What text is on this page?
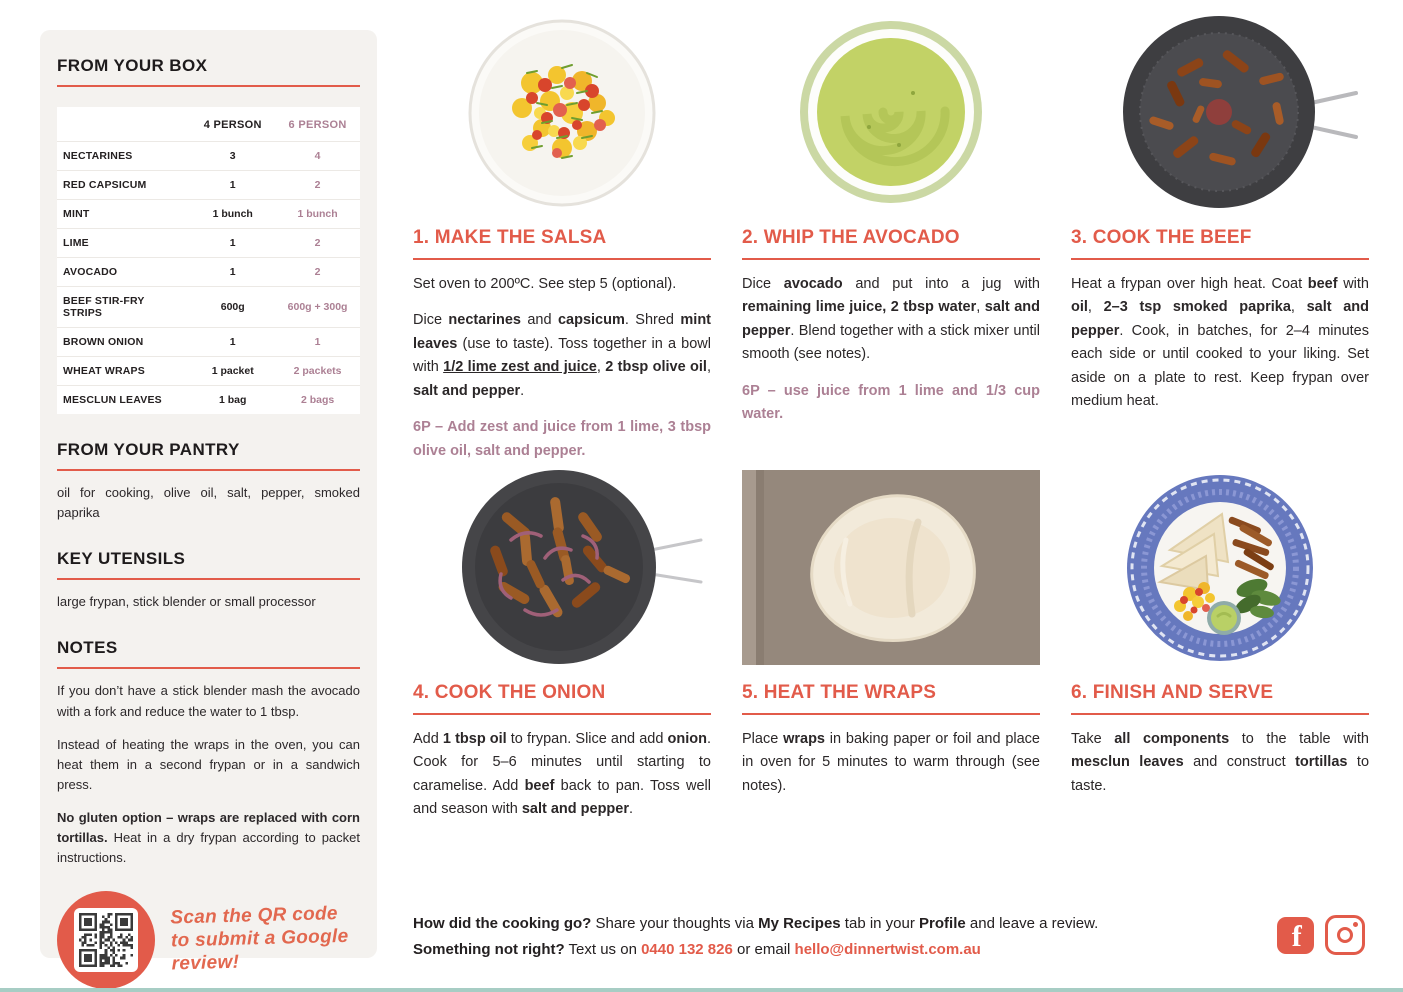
FROM YOUR BOX
	4 PERSON	6 PERSON
NECTARINES	3	4
RED CAPSICUM	1	2
MINT	1 bunch	1 bunch
LIME	1	2
AVOCADO	1	2
BEEF STIR-FRY STRIPS	600g	600g + 300g
BROWN ONION	1	1
WHEAT WRAPS	1 packet	2 packets
MESCLUN LEAVES	1 bag	2 bags
FROM YOUR PANTRY
oil for cooking, olive oil, salt, pepper, smoked paprika
KEY UTENSILS
large frypan, stick blender or small processor
NOTES

If you don’t have a stick blender mash the avocado with a fork and reduce the water to 1 tbsp.

Instead of heating the wraps in the oven, you can heat them in a second frypan or in a sandwich press.

No gluten option – wraps are replaced with corn tortillas. Heat in a dry frypan according to packet instructions.

Scan the QR code to submit a Google review!
1. MAKE THE SALSA

Set oven to 200ºC. See step 5 (optional).

Dice nectarines and capsicum. Shred mint leaves (use to taste). Toss together in a bowl with 1/2 lime zest and juice, 2 tbsp olive oil, salt and pepper.

6P – Add zest and juice from 1 lime, 3 tbsp olive oil, salt and pepper.

2. WHIP THE AVOCADO

Dice avocado and put into a jug with remaining lime juice, 2 tbsp water, salt and pepper. Blend together with a stick mixer until smooth (see notes).

6P – use juice from 1 lime and 1/3 cup water.

3. COOK THE BEEF

Heat a frypan over high heat. Coat beef with oil, 2–3 tsp smoked paprika, salt and pepper. Cook, in batches, for 2–4 minutes each side or until cooked to your liking. Set aside on a plate to rest. Keep frypan over medium heat.

4. COOK THE ONION

Add 1 tbsp oil to frypan. Slice and add onion. Cook for 5–6 minutes until starting to caramelise. Add beef back to pan. Toss well and season with salt and pepper.

5. HEAT THE WRAPS

Place wraps in baking paper or foil and place in oven for 5 minutes to warm through (see notes).

6. FINISH AND SERVE

Take all components to the table with mesclun leaves and construct tortillas to taste.

How did the cooking go? Share your thoughts via My Recipes tab in your Profile and leave a review.
Something not right? Text us on 0440 132 826 or email hello@dinnertwist.com.au	f
